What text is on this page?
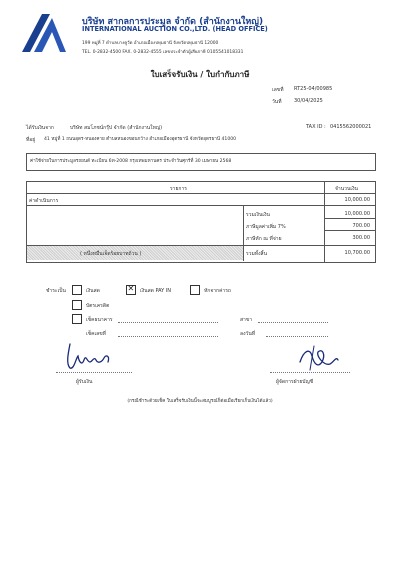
บริษัท สากลการประมูล จำกัด (สำนักงานใหญ่)
INTERNATIONAL AUCTION CO.,LTD. (HEAD OFFICE)
199 หมู่ที่ 7 ตำบลบางคูวัด อำเภอเมืองปทุมธานี จังหวัดปทุมธานี 12000
TEL. 0-2832-4500 FAX. 0-2832-4555 เลขประจำตัวผู้เสียภาษี 0105541018331
ใบเสร็จรับเงิน / ใบกำกับภาษี
เลขที่ RT25-04/00985
วันที่ 30/04/2025
ได้รับเงินจาก	บริษัท สมโภชน์กรุ๊ป จำกัด (สำนักงานใหญ่)	TAX ID : 0415562000021
ที่อยู่ 41 หมู่ที่ 1 ถนนอุดร-หนองคาย ตำบลหนองขอนกว้าง อำเภอเมืองอุดรธานี จังหวัดอุดรธานี 41000
ค่าใช้จ่ายในการประมูลรถยนต์ ทะเบียน 6ท-2008 กรุงเทพมหานคร ประจำวันศุกร์ที่ 30 เมษายน 2568
รายการ	จำนวนเงิน
ค่าดำเนินการ	10,000.00
รวมเงินเงิน	10,000.00
ภาษีมูลค่าเพิ่ม 7%	700.00
ภาษีหัก ณ ที่จ่าย	300.00
( หนึ่งหมื่นเจ็ดร้อยบาทถ้วน )	รวมทั้งสิ้น	10,700.00
ชำระเป็น	เงินสด
✕	เงินสด PAY IN	หักจากค่ารถ
บัตรเครดิต
เช็คธนาคาร	สาขา
เช็คเลขที่	ลงวันที่
ผู้รับเงิน	ผู้จัดการฝ่ายบัญชี
(กรณีชำระด้วยเช็ค ใบเสร็จรับเงินนี้จะสมบูรณ์ก็ต่อเมื่อเรียกเก็บเงินได้แล้ว)
